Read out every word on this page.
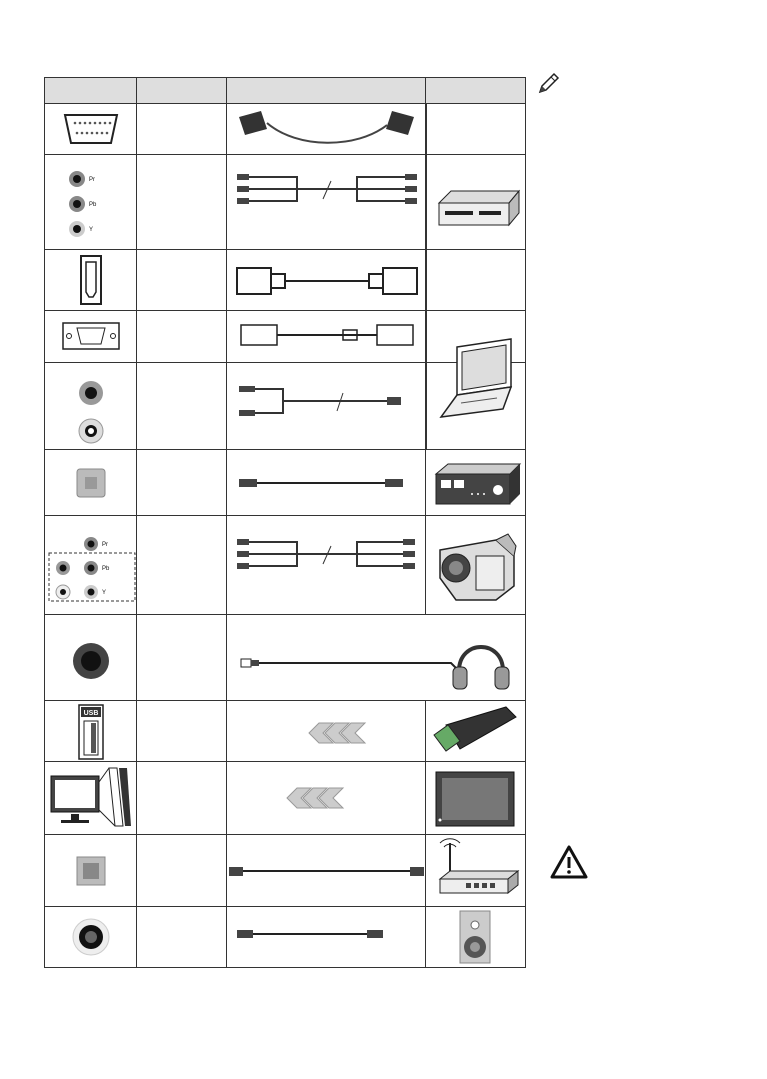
Pr
Pb
Y
Pr
Pb
Y
USB
